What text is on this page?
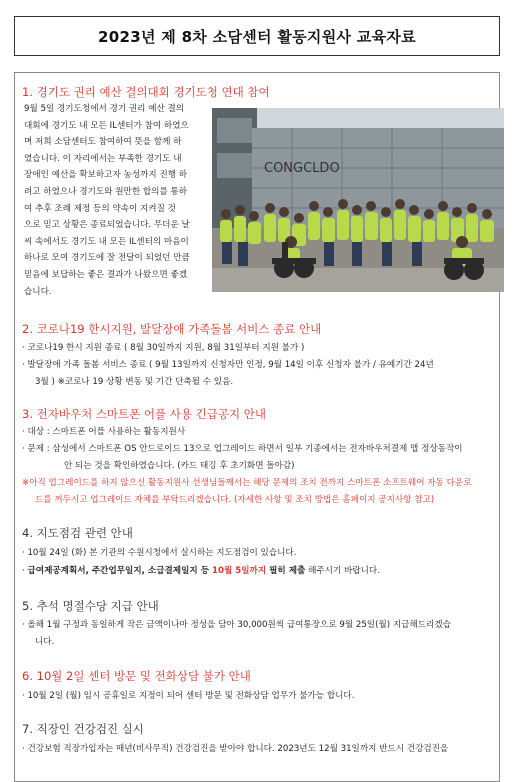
2023년 제 8차 소담센터 활동지원사 교육자료
1. 경기도 권리 예산 결의대회 경기도청 연대 참여
9월 5일 경기도청에서 경기 권리 예산 결의
대회에 경기도 내 모든 IL센터가 참여 하였으
며 저희 소담센터도 참여하여 뜻을 함께 하
였습니다. 이 자리에서는 부족한 경기도 내
장애인 예산을 확보하고자 농성까지 진행 하
려고 하였으나 경기도와 원만한 합의를 통하
여 추후 조례 제정 등의 약속이 지켜질 것
으로 믿고 상황은 종료되었습니다. 무더운 날
씨 속에서도 경기도 내 모든 IL센터의 마음이
하나로 모여 경기도에 잘 전달이 되었던 만큼
믿음에 보답하는 좋은 결과가 나왔으면 좋겠
습니다.
CONGCLDO
2. 코로나19 한시지원, 발달장애 가족돌봄 서비스 종료 안내
· 코로나19 한시 지원 종료 ( 8월 30일까지 지원, 8월 31일부터 지원 불가 )
· 발달장애 가족 돌봄 서비스 종료 ( 9월 13일까지 신청자만 인정, 9월 14일 이후 신청자 불가 / 유예기간 24년
3월 ) ※코로나 19 상황 변동 및 기간 단축될 수 있음.
3. 전자바우처 스마트폰 어플 사용 긴급공지 안내
· 대상 : 스마트폰 어플 사용하는 활동지원사
· 문제 : 삼성에서 스마트폰 OS 안드로이드 13으로 업그레이드 하면서 일부 기종에서는 전자바우처결제 앱 정상동작이
안 되는 것을 확인하였습니다. (카드 태깅 후 초기화면 돌아감)
※아직 업그레이드를 하지 않으신 활동지원사 선생님들께서는 해당 문제의 조치 전까지 스마트폰 소프트웨어 자동 다운로
드를 꺼두시고 업그레이드 자체를 부탁드리겠습니다. (자세한 사항 및 조치 방법은 홈페이지 공지사항 참고)
4. 지도점검 관련 안내
· 10월 24일 (화) 본 기관의 수원시청에서 실시하는 지도점검이 있습니다.
· 급여제공계획서, 주간업무일지, 소급결제일지 등 10월 5일까지 필히 제출 해주시기 바랍니다.
5. 추석 명절수당 지급 안내
· 올해 1월 구정과 동일하게 작은 금액이나마 정성을 담아 30,000원씩 급여통장으로 9월 25일(월) 지급해드리겠습
니다.
6. 10월 2일 센터 방문 및 전화상담 불가 안내
· 10월 2일 (월) 임시 공휴일로 지정이 되어 센터 방문 및 전화상담 업무가 불가능 합니다.
7. 직장인 건강검진 실시
· 건강보험 직장가입자는 매년(비사무직) 건강검진을 받아야 합니다. 2023년도 12월 31일까지 반드시 건강검진을
